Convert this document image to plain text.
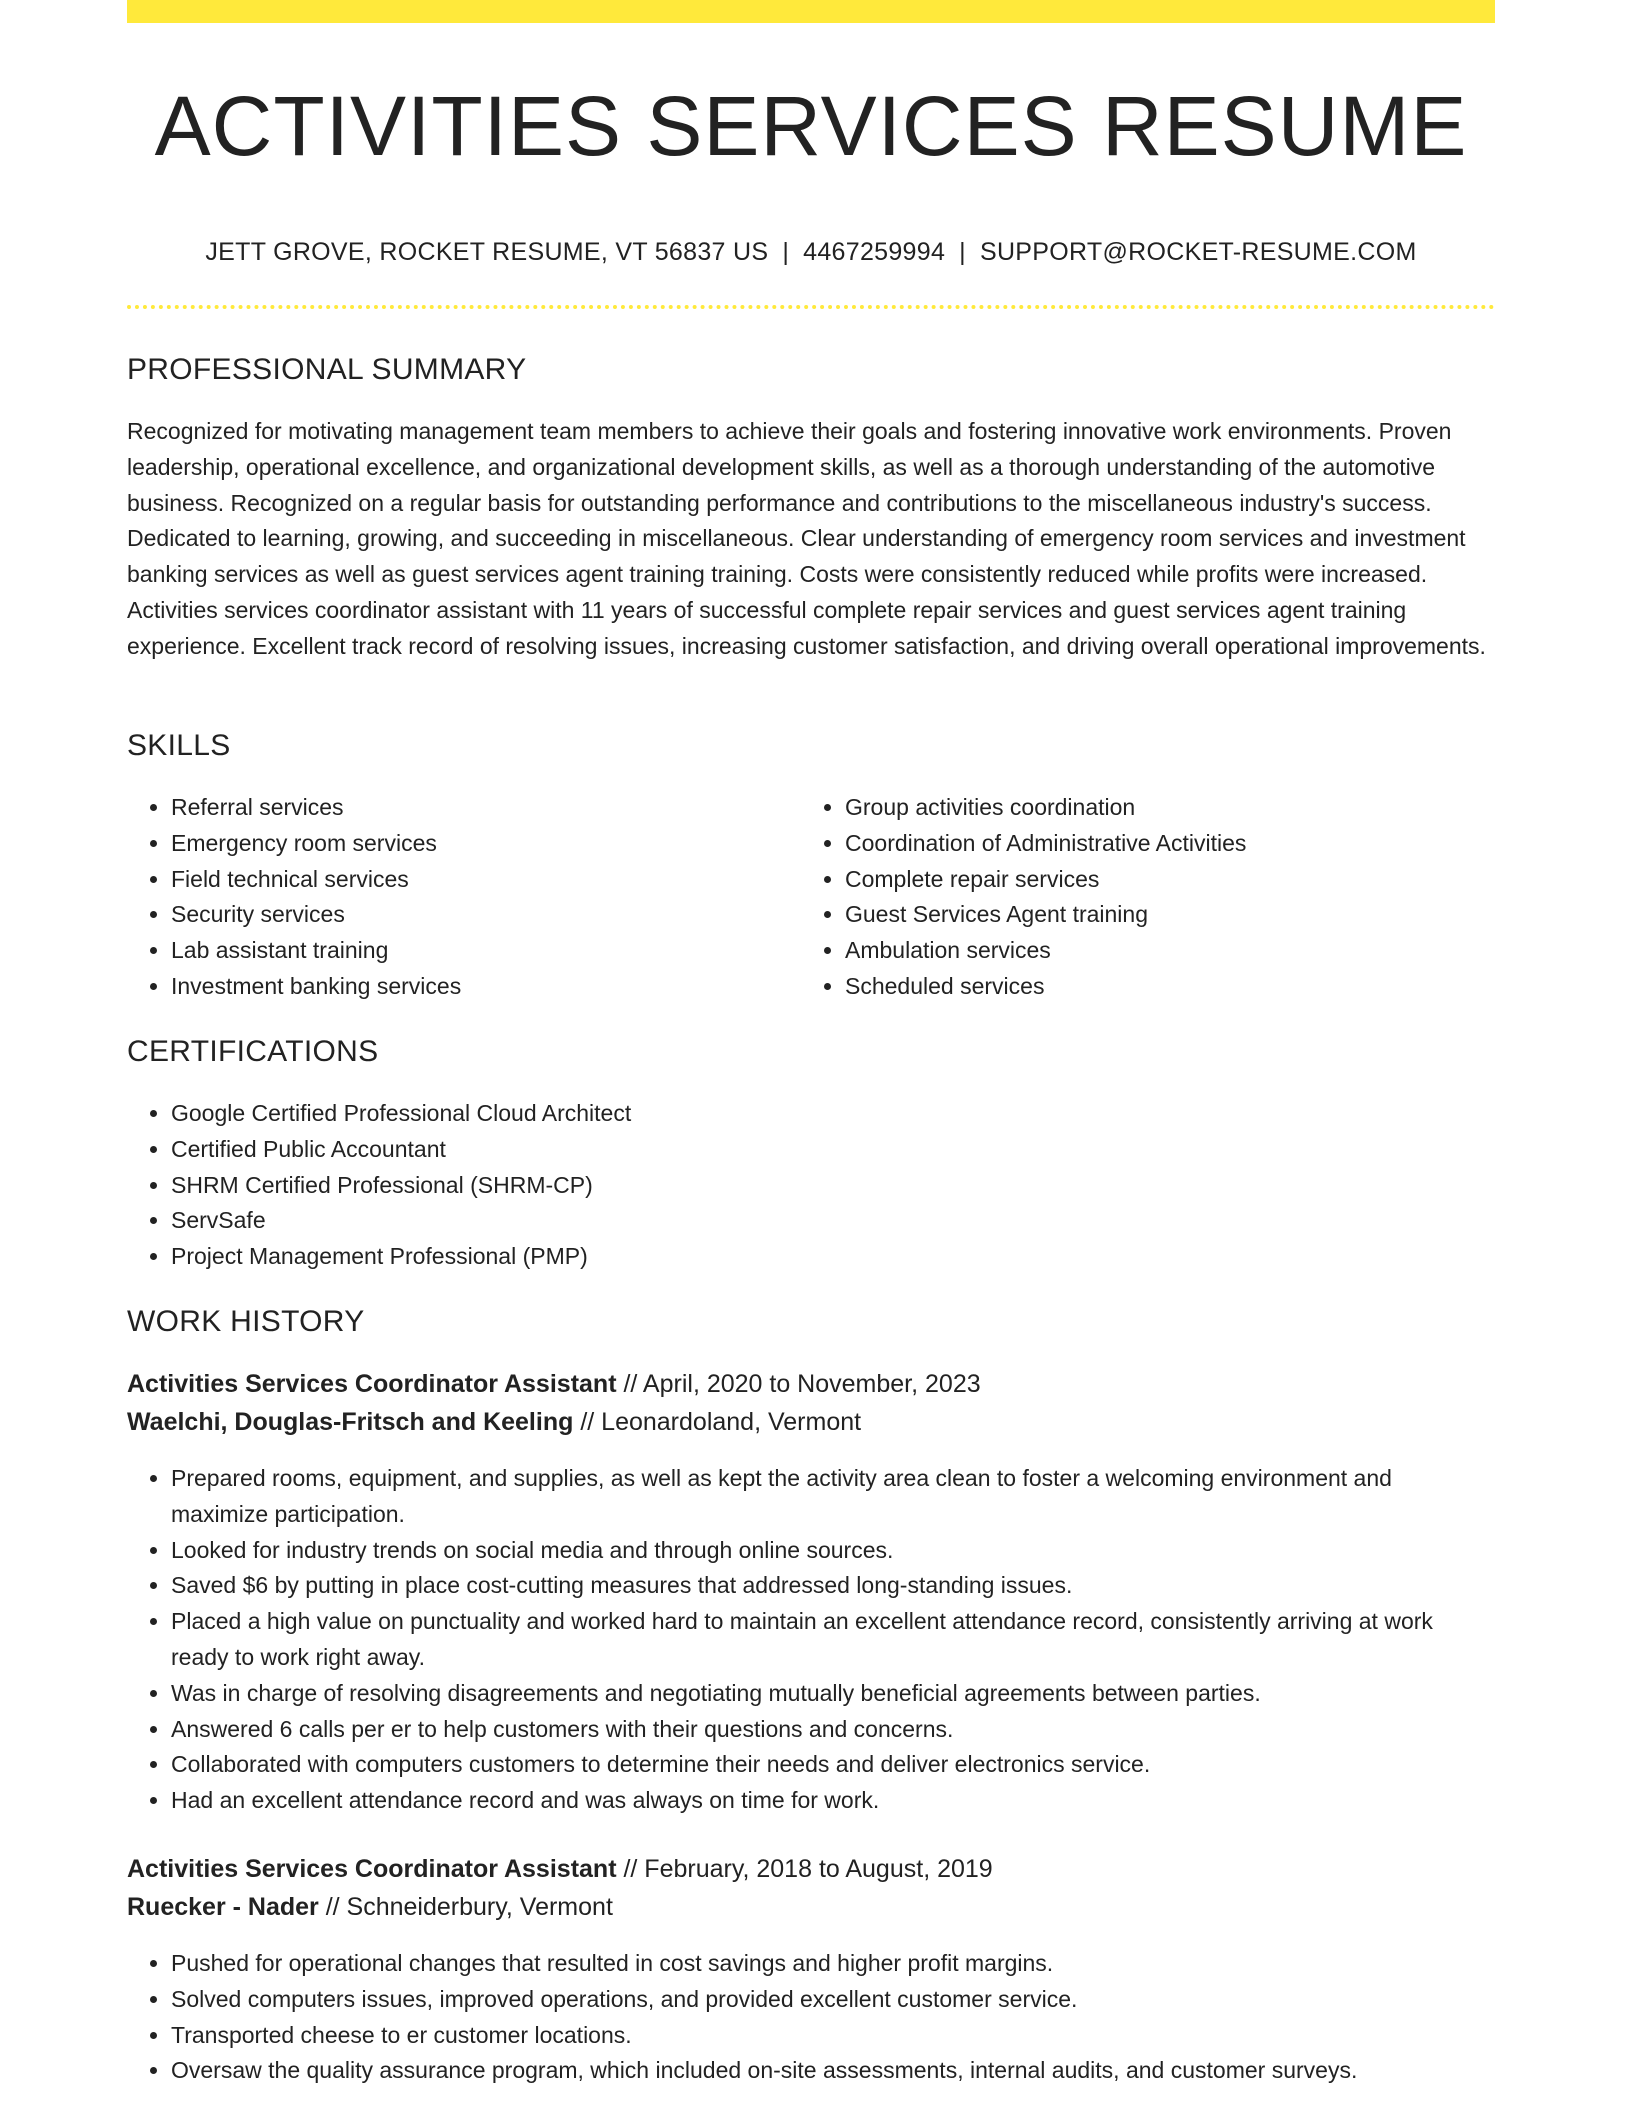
ACTIVITIES SERVICES RESUME
JETT GROVE, ROCKET RESUME, VT 56837 US | 4467259994 | SUPPORT@ROCKET-RESUME.COM
PROFESSIONAL SUMMARY

Recognized for motivating management team members to achieve their goals and fostering innovative work environments. Proven leadership, operational excellence, and organizational development skills, as well as a thorough understanding of the automotive business. Recognized on a regular basis for outstanding performance and contributions to the miscellaneous industry's success. Dedicated to learning, growing, and succeeding in miscellaneous. Clear understanding of emergency room services and investment banking services as well as guest services agent training training. Costs were consistently reduced while profits were increased. Activities services coordinator assistant with 11 years of successful complete repair services and guest services agent training experience. Excellent track record of resolving issues, increasing customer satisfaction, and driving overall operational improvements.

SKILLS
• Referral services
• Emergency room services
• Field technical services
• Security services
• Lab assistant training
• Investment banking services
• Group activities coordination
• Coordination of Administrative Activities
• Complete repair services
• Guest Services Agent training
• Ambulation services
• Scheduled services
CERTIFICATIONS
• Google Certified Professional Cloud Architect
• Certified Public Accountant
• SHRM Certified Professional (SHRM-CP)
• ServSafe
• Project Management Professional (PMP)
WORK HISTORY
Activities Services Coordinator Assistant // April, 2020 to November, 2023
Waelchi, Douglas-Fritsch and Keeling // Leonardoland, Vermont
• Prepared rooms, equipment, and supplies, as well as kept the activity area clean to foster a welcoming environment and maximize participation.
• Looked for industry trends on social media and through online sources.
• Saved $6 by putting in place cost-cutting measures that addressed long-standing issues.
• Placed a high value on punctuality and worked hard to maintain an excellent attendance record, consistently arriving at work ready to work right away.
• Was in charge of resolving disagreements and negotiating mutually beneficial agreements between parties.
• Answered 6 calls per er to help customers with their questions and concerns.
• Collaborated with computers customers to determine their needs and deliver electronics service.
• Had an excellent attendance record and was always on time for work.
Activities Services Coordinator Assistant // February, 2018 to August, 2019
Ruecker - Nader // Schneiderbury, Vermont
• Pushed for operational changes that resulted in cost savings and higher profit margins.
• Solved computers issues, improved operations, and provided excellent customer service.
• Transported cheese to er customer locations.
• Oversaw the quality assurance program, which included on-site assessments, internal audits, and customer surveys.
